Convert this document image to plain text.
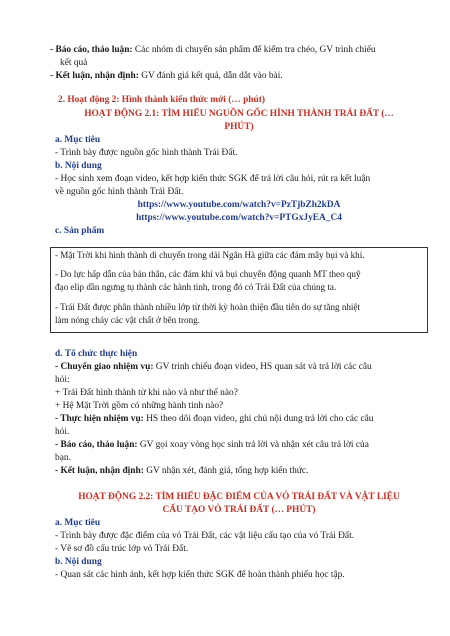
- Báo cáo, thảo luận: Các nhóm di chuyển sản phẩm để kiểm tra chéo, GV trình chiếu
kết quả
- Kết luận, nhận định: GV đánh giá kết quả, dẫn dắt vào bài.
2. Hoạt động 2: Hình thành kiến thức mới (… phút)
HOẠT ĐỘNG 2.1: TÌM HIỂU NGUỒN GỐC HÌNH THÀNH TRÁI ĐẤT (…
PHÚT)
a. Mục tiêu
- Trình bày được nguồn gốc hình thành Trái Đất.
b. Nội dung
- Học sinh xem đoạn video, kết hợp kiến thức SGK để trả lời câu hỏi, rút ra kết luận
về nguồn gốc hình thành Trái Đất.
https://www.youtube.com/watch?v=PzTjbZh2kDA
https://www.youtube.com/watch?v=PTGxJyEA_C4
c. Sản phẩm
- Mặt Trời khi hình thành di chuyển trong dải Ngân Hà giữa các đám mây bụi và khí.
- Do lực hấp dẫn của bản thân, các đám khí và bụi chuyển động quanh MT theo quỹ
đạo elip dần ngưng tụ thành các hành tinh, trong đó có Trái Đất của chúng ta.
- Trái Đất được phân thành nhiều lớp từ thời kỳ hoàn thiện đầu tiên do sự tăng nhiệt
làm nóng chảy các vật chất ở bên trong.
d. Tổ chức thực hiện
- Chuyển giao nhiệm vụ: GV trình chiếu đoạn video, HS quan sát và trả lời các câu
hỏi:
+ Trái Đất hình thành từ khi nào và như thế nào?
+ Hệ Mặt Trời gồm có những hành tinh nào?
- Thực hiện nhiệm vụ: HS theo dõi đoạn video, ghi chú nội dung trả lời cho các câu
hỏi.
- Báo cáo, thảo luận: GV gọi xoay vòng học sinh trả lời và nhận xét câu trả lời của
bạn.
- Kết luận, nhận định: GV nhận xét, đánh giá, tổng hợp kiến thức.
HOẠT ĐỘNG 2.2: TÌM HIỂU ĐẶC ĐIỂM CỦA VỎ TRÁI ĐẤT VÀ VẬT LIỆU
CẤU TẠO VỎ TRÁI ĐẤT (… PHÚT)
a. Mục tiêu
- Trình bày được đặc điểm của vỏ Trái Đất, các vật liệu cấu tạo của vỏ Trái Đất.
- Vẽ sơ đồ cấu trúc lớp vỏ Trái Đất.
b. Nội dung
- Quan sát các hình ảnh, kết hợp kiến thức SGK để hoàn thành phiếu học tập.
